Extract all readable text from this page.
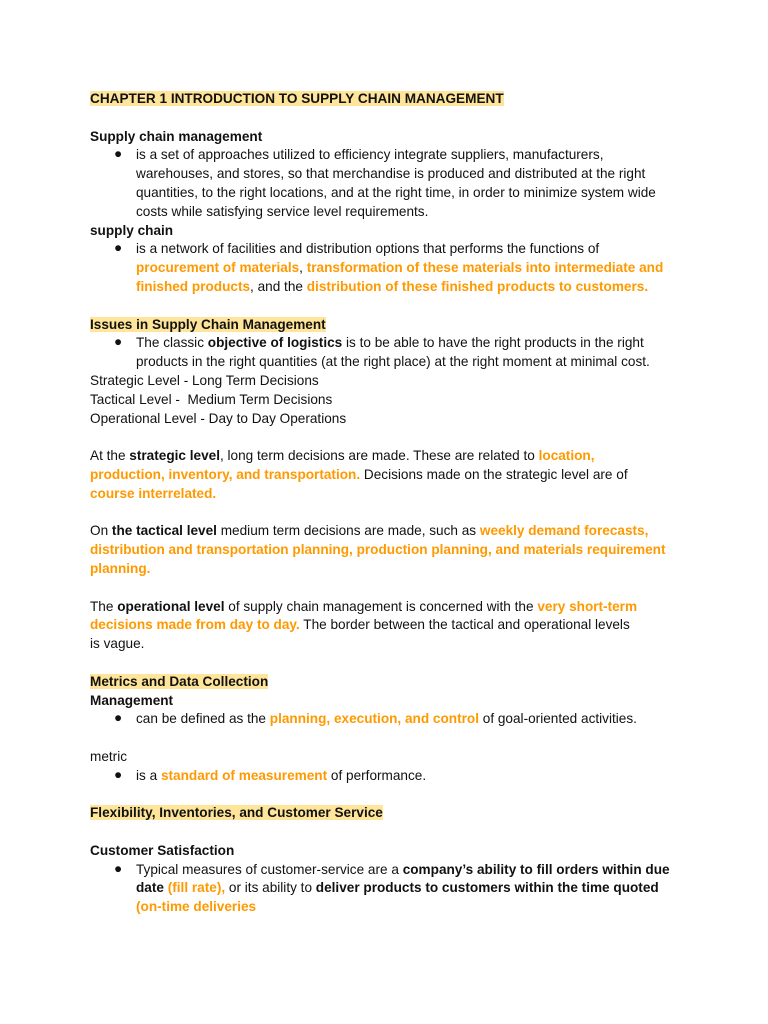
CHAPTER 1 INTRODUCTION TO SUPPLY CHAIN MANAGEMENT

Supply chain management

● is a set of approaches utilized to efficiency integrate suppliers, manufacturers,

warehouses, and stores, so that merchandise is produced and distributed at the right

quantities, to the right locations, and at the right time, in order to minimize system wide

costs while satisfying service level requirements.

supply chain

● is a network of facilities and distribution options that performs the functions of

procurement of materials, transformation of these materials into intermediate and

finished products, and the distribution of these finished products to customers.

Issues in Supply Chain Management

● The classic objective of logistics is to be able to have the right products in the right

products in the right quantities (at the right place) at the right moment at minimal cost.

Strategic Level - Long Term Decisions

Tactical Level -  Medium Term Decisions

Operational Level - Day to Day Operations

At the strategic level, long term decisions are made. These are related to location,

production, inventory, and transportation. Decisions made on the strategic level are of

course interrelated.

On the tactical level medium term decisions are made, such as weekly demand forecasts,

distribution and transportation planning, production planning, and materials requirement

planning.

The operational level of supply chain management is concerned with the very short-term

decisions made from day to day. The border between the tactical and operational levels

is vague.

Metrics and Data Collection

Management

● can be defined as the planning, execution, and control of goal-oriented activities.

metric

● is a standard of measurement of performance.

Flexibility, Inventories, and Customer Service

Customer Satisfaction

● Typical measures of customer-service are a company’s ability to fill orders within due

date (fill rate), or its ability to deliver products to customers within the time quoted

(on-time deliveries
